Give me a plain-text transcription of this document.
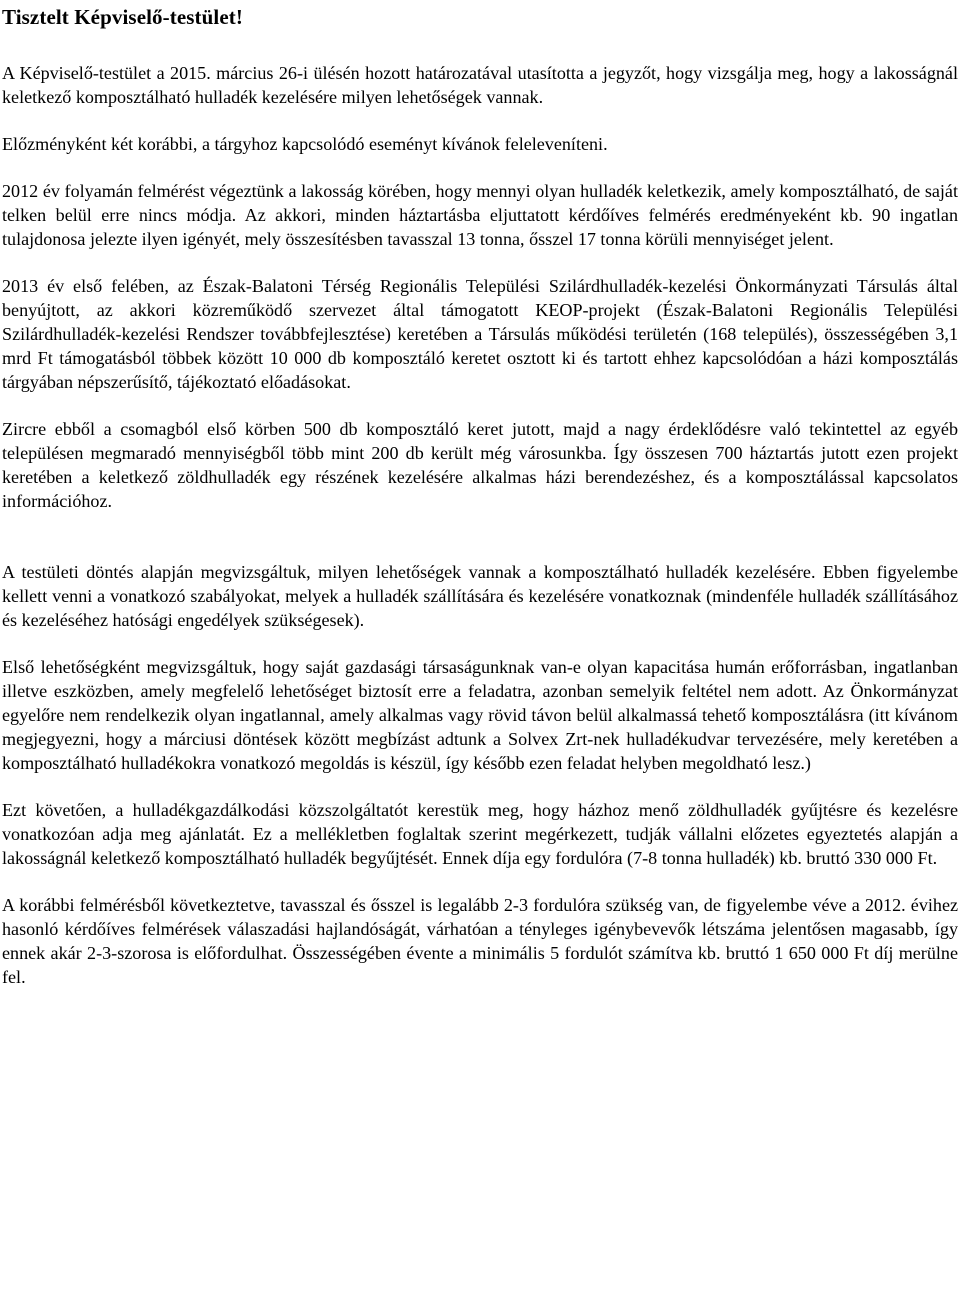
Tisztelt Képviselő-testület!

A Képviselő-testület a 2015. március 26-i ülésén hozott határozatával utasította a jegyzőt, hogy vizsgálja meg, hogy a lakosságnál keletkező komposztálható hulladék kezelésére milyen lehetőségek vannak.

Előzményként két korábbi, a tárgyhoz kapcsolódó eseményt kívánok feleleveníteni.

2012 év folyamán felmérést végeztünk a lakosság körében, hogy mennyi olyan hulladék keletkezik, amely komposztálható, de saját telken belül erre nincs módja. Az akkori, minden háztartásba eljuttatott kérdőíves felmérés eredményeként kb. 90 ingatlan tulajdonosa jelezte ilyen igényét, mely összesítésben tavasszal 13 tonna, ősszel 17 tonna körüli mennyiséget jelent.

2013 év első felében, az Észak-Balatoni Térség Regionális Települési Szilárdhulladék-kezelési Önkormányzati Társulás által benyújtott, az akkori közreműködő szervezet által támogatott KEOP-projekt (Észak-Balatoni Regionális Települési Szilárdhulladék-kezelési Rendszer továbbfejlesztése) keretében a Társulás működési területén (168 település), összességében 3,1 mrd Ft támogatásból többek között 10 000 db komposztáló keretet osztott ki és tartott ehhez kapcsolódóan a házi komposztálás tárgyában népszerűsítő, tájékoztató előadásokat.

Zircre ebből a csomagból első körben 500 db komposztáló keret jutott, majd a nagy érdeklődésre való tekintettel az egyéb településen megmaradó mennyiségből több mint 200 db került még városunkba. Így összesen 700 háztartás jutott ezen projekt keretében a keletkező zöldhulladék egy részének kezelésére alkalmas házi berendezéshez, és a komposztálással kapcsolatos információhoz.

A testületi döntés alapján megvizsgáltuk, milyen lehetőségek vannak a komposztálható hulladék kezelésére. Ebben figyelembe kellett venni a vonatkozó szabályokat, melyek a hulladék szállítására és kezelésére vonatkoznak (mindenféle hulladék szállításához és kezeléséhez hatósági engedélyek szükségesek).

Első lehetőségként megvizsgáltuk, hogy saját gazdasági társaságunknak van-e olyan kapacitása humán erőforrásban, ingatlanban illetve eszközben, amely megfelelő lehetőséget biztosít erre a feladatra, azonban semelyik feltétel nem adott. Az Önkormányzat egyelőre nem rendelkezik olyan ingatlannal, amely alkalmas vagy rövid távon belül alkalmassá tehető komposztálásra (itt kívánom megjegyezni, hogy a márciusi döntések között megbízást adtunk a Solvex Zrt-nek hulladékudvar tervezésére, mely keretében a komposztálható hulladékokra vonatkozó megoldás is készül, így később ezen feladat helyben megoldható lesz.)

Ezt követően, a hulladékgazdálkodási közszolgáltatót kerestük meg, hogy házhoz menő zöldhulladék gyűjtésre és kezelésre vonatkozóan adja meg ajánlatát. Ez a mellékletben foglaltak szerint megérkezett, tudják vállalni előzetes egyeztetés alapján a lakosságnál keletkező komposztálható hulladék begyűjtését. Ennek díja egy fordulóra (7-8 tonna hulladék) kb. bruttó 330 000 Ft.

A korábbi felmérésből következtetve, tavasszal és ősszel is legalább 2-3 fordulóra szükség van, de figyelembe véve a 2012. évihez hasonló kérdőíves felmérések válaszadási hajlandóságát, várhatóan a tényleges igénybevevők létszáma jelentősen magasabb, így ennek akár 2-3-szorosa is előfordulhat. Összességében évente a minimális 5 fordulót számítva kb. bruttó 1 650 000 Ft díj merülne fel.
